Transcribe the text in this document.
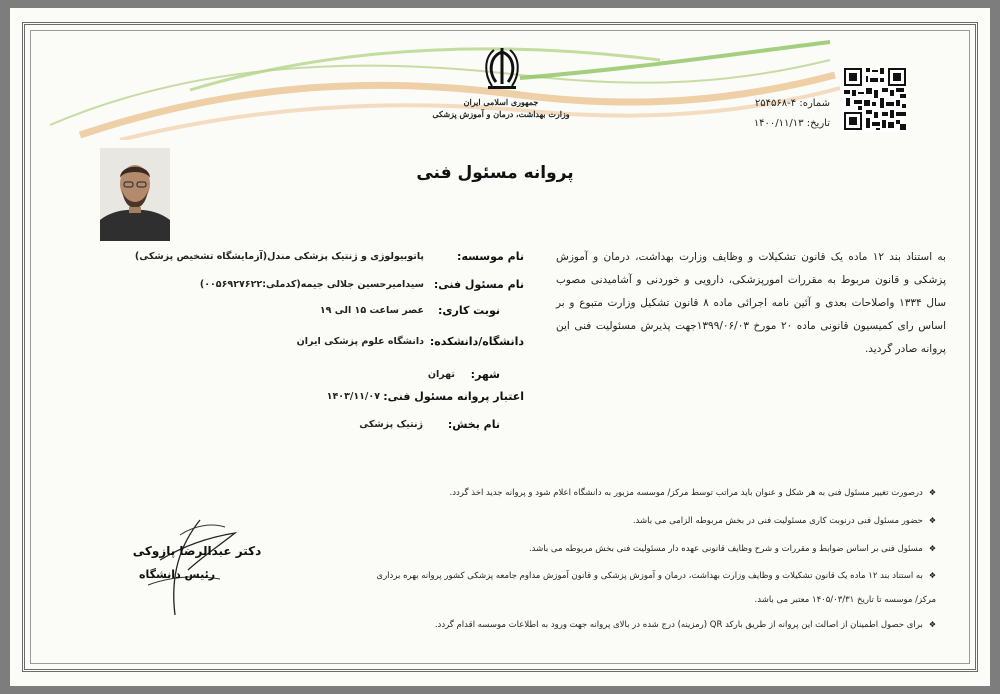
جمهوری اسلامی ایران
وزارت بهداشت، درمان و آموزش پزشکی
شماره: ۴-۲۵۴۵۶۸
تاریخ: ۱۴۰۰/۱۱/۱۳
پروانه مسئول فنی
به استناد بند ۱۲ ماده یک قانون تشکیلات و وظایف وزارت بهداشت، درمان و آموزش پزشکی و قانون مربوط به مقررات امورپزشکی، دارویی و خوردنی و آشامیدنی مصوب سال ۱۳۳۴ واصلاحات بعدی و آئین نامه اجرائی ماده ۸ قانون تشکیل وزارت متبوع و بر اساس رای کمیسیون قانونی ماده ۲۰ مورخ ۱۳۹۹/۰۶/۰۳جهت پذیرش مسئولیت فنی این پروانه صادر گردید.
نام موسسه:
پاتوبیولوژی و ژنتیک پزشکی مندل(آزمایشگاه تشخیص پزشکی)
نام مسئول فنی:
سیدامیرحسین جلالی جیمه(کدملی:۰۰۵۶۹۲۷۶۲۲)
نوبت کاری:
عصر ساعت ۱۵ الی ۱۹
دانشگاه/دانشکده:
دانشگاه علوم پزشکی ایران
شهر:
تهران
اعتبار پروانه مسئول فنی:
۱۴۰۳/۱۱/۰۷
نام بخش:
ژنتیک پزشکی
❖درصورت تغییر مسئول فنی به هر شکل و عنوان باید مراتب توسط مرکز/ موسسه مزبور به دانشگاه اعلام شود و پروانه جدید اخذ گردد.
❖حضور مسئول فنی درنوبت کاری مسئولیت فنی در بخش مربوطه الزامی می باشد.
❖مسئول فنی بر اساس ضوابط و مقررات و شرح وظایف قانونی عهده دار مسئولیت فنی بخش مربوطه می باشد.
❖به استناد بند ۱۲ ماده یک قانون تشکیلات و وظایف وزارت بهداشت، درمان و آموزش پزشکی و قانون آموزش مداوم جامعه پزشکی کشور پروانه بهره برداری
مرکز/ موسسه تا تاریخ ۱۴۰۵/۰۳/۳۱ معتبر می باشد.
❖برای حصول اطمینان از اصالت این پروانه از طریق بارکد QR (رمزینه) درج شده در بالای پروانه جهت ورود به اطلاعات موسسه اقدام گردد.
دکتر عبدالرضا پازوکی
رئیس دانشگاه
